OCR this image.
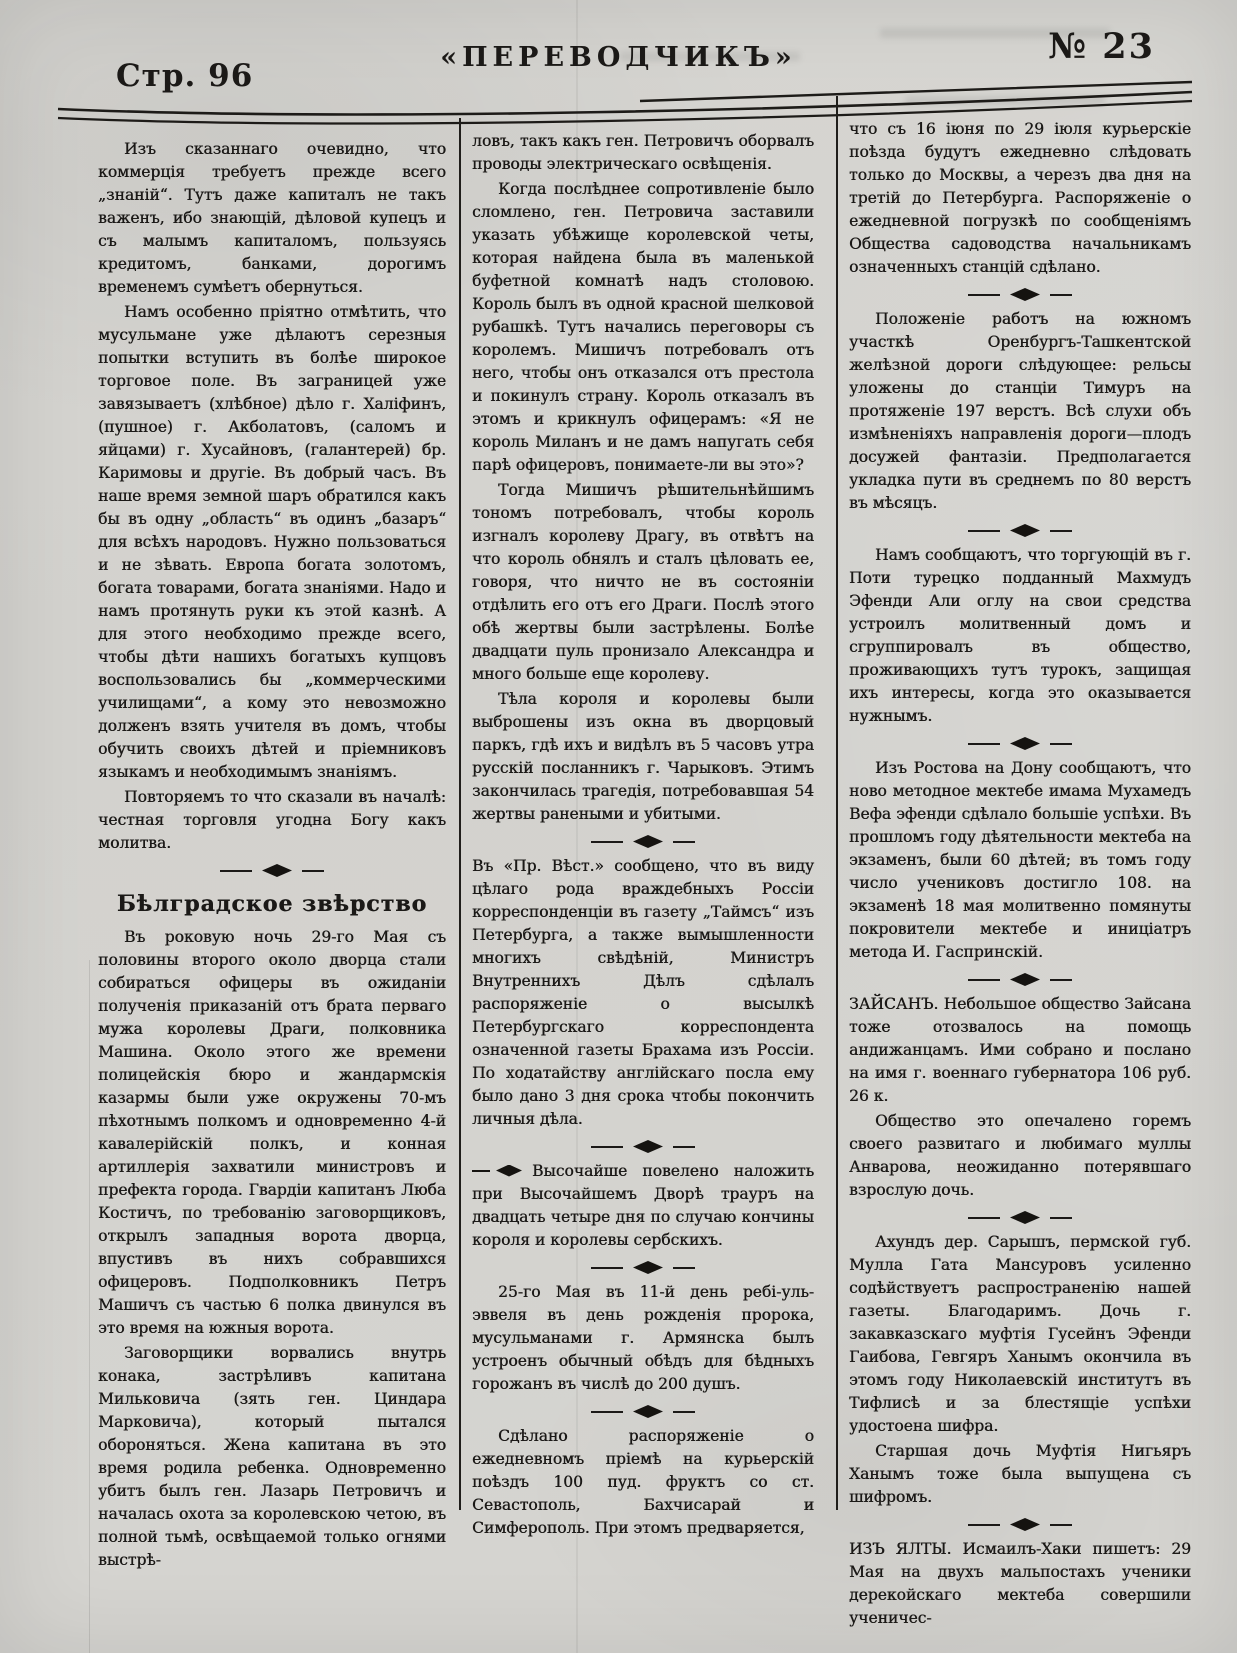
Стр. 96
«ПЕРЕВОДЧИКЪ»	№ 23

Изъ сказаннаго очевидно, что коммерція требуетъ прежде всего „знаній“. Тутъ даже капиталъ не такъ важенъ, ибо знающій, дѣловой купецъ и съ малымъ капиталомъ, пользуясь кредитомъ, банками, дорогимъ временемъ сумѣетъ обернуться.

Намъ особенно пріятно отмѣтить, что мусульмане уже дѣлаютъ серезныя попытки вступить въ болѣе широкое торговое поле. Въ заграницей уже завязываетъ (хлѣбное) дѣло г. Халіфинъ, (пушное) г. Акболатовъ, (саломъ и яйцами) г. Хусайновъ, (галантерей) бр. Каримовы и другіе. Въ добрый часъ. Въ наше время земной шаръ обратился какъ бы въ одну „область“ въ одинъ „базаръ“ для всѣхъ народовъ. Нужно пользоваться и не зѣвать. Европа богата золотомъ, богата товарами, богата знаніями. Надо и намъ протянуть руки къ этой казнѣ. А для этого необходимо прежде всего, чтобы дѣти нашихъ богатыхъ купцовъ воспользовались бы „коммерческими училищами“, а кому это невозможно долженъ взять учителя въ домъ, чтобы обучить своихъ дѣтей и пріемниковъ языкамъ и необходимымъ знаніямъ.

Повторяемъ то что сказали въ началѣ: честная торговля угодна Богу какъ молитва.

Бѣлградское звѣрство

Въ роковую ночь 29-го Мая съ половины второго около дворца стали собираться офицеры въ ожиданіи полученія приказаній отъ брата перваго мужа королевы Драги, полковника Машина. Около этого же времени полицейскія бюро и жандармскія казармы были уже окружены 70-мъ пѣхотнымъ полкомъ и одновременно 4-й кавалерійскій полкъ, и конная артиллерія захватили министровъ и префекта города. Гвардіи капитанъ Люба Костичъ, по требованію заговорщиковъ, открылъ западныя ворота дворца, впустивъ въ нихъ собравшихся офицеровъ. Подполковникъ Петръ Машичъ съ частью 6 полка двинулся въ это время на южныя ворота.

Заговорщики ворвались внутрь конака, застрѣливъ капитана Мильковича (зять ген. Циндара Марковича), который пытался обороняться. Жена капитана въ это время родила ребенка. Одновременно убитъ былъ ген. Лазарь Петровичъ и началась охота за королевскою четою, въ полной тьмѣ, освѣщаемой только огнями выстрѣ-

ловъ, такъ какъ ген. Петровичъ оборвалъ проводы электрическаго освѣщенія.

Когда послѣднее сопротивленіе было сломлено, ген. Петровича заставили указать убѣжище королевской четы, которая найдена была въ маленькой буфетной комнатѣ надъ столовою. Король былъ въ одной красной шелковой рубашкѣ. Тутъ начались переговоры съ королемъ. Мишичъ потребовалъ отъ него, чтобы онъ отказался отъ престола и покинулъ страну. Король отказалъ въ этомъ и крикнулъ офицерамъ: «Я не король Миланъ и не дамъ напугать себя парѣ офицеровъ, понимаете-ли вы это»?

Тогда Мишичъ рѣшительнѣйшимъ тономъ потребовалъ, чтобы король изгналъ королеву Драгу, въ отвѣтъ на что король обнялъ и сталъ цѣловать ее, говоря, что ничто не въ состояніи отдѣлить его отъ его Драги. Послѣ этого обѣ жертвы были застрѣлены. Болѣе двадцати пуль пронизало Александра и много больше еще королеву.

Тѣла короля и королевы были выброшены изъ окна въ дворцовый паркъ, гдѣ ихъ и видѣлъ въ 5 часовъ утра русскій посланникъ г. Чарыковъ. Этимъ закончилась трагедія, потребовавшая 54 жертвы ранеными и убитыми.

Въ «Пр. Вѣст.» сообщено, что въ виду цѣлаго рода враждебныхъ Россіи корреспонденціи въ газету „Таймсъ“ изъ Петербурга, а также вымышленности многихъ свѣдѣній, Министръ Внутреннихъ Дѣлъ сдѣлалъ распоряженіе о высылкѣ Петербургскаго корреспондента означенной газеты Брахама изъ Россіи. По ходатайству англійскаго посла ему было дано 3 дня срока чтобы покончить личныя дѣла.

Высочайше повелено наложить при Высочайшемъ Дворѣ трауръ на двадцать четыре дня по случаю кончины короля и королевы сербскихъ.

25-го Мая въ 11-й день ребі-уль-эввеля въ день рожденія пророка, мусульманами г. Армянска былъ устроенъ обычный обѣдъ для бѣдныхъ горожанъ въ числѣ до 200 душъ.

Сдѣлано распоряженіе о ежедневномъ пріемѣ на курьерскій поѣздъ 100 пуд. фруктъ со ст. Севастополь, Бахчисарай и Симферополь. При этомъ предваряется,

что съ 16 іюня по 29 іюля курьерскіе поѣзда будутъ ежедневно слѣдовать только до Москвы, а черезъ два дня на третій до Петербурга. Распоряженіе о ежедневной погрузкѣ по сообщеніямъ Общества садоводства начальникамъ означенныхъ станцій сдѣлано.

Положеніе работъ на южномъ участкѣ Оренбургъ-Ташкентской желѣзной дороги слѣдующее: рельсы уложены до станціи Тимуръ на протяженіе 197 верстъ. Всѣ слухи объ измѣненіяхъ направленія дороги—плодъ досужей фантазіи. Предполагается укладка пути въ среднемъ по 80 верстъ въ мѣсяцъ.

Намъ сообщаютъ, что торгующій въ г. Поти турецко подданный Махмудъ Эфенди Али оглу на свои средства устроилъ молитвенный домъ и сгруппировалъ въ общество, проживающихъ тутъ турокъ, защищая ихъ интересы, когда это оказывается нужнымъ.

Изъ Ростова на Дону сообщаютъ, что ново методное мектебе имама Мухамедъ Вефа эфенди сдѣлало большіе успѣхи. Въ прошломъ году дѣятельности мектеба на экзаменъ, были 60 дѣтей; въ томъ году число учениковъ достигло 108. на экзаменѣ 18 мая молитвенно помянуты покровители мектебе и иниціатръ метода И. Гаспринскій.

ЗАЙСАНЪ. Небольшое общество Зайсана тоже отозвалось на помощь андижанцамъ. Ими собрано и послано на имя г. военнаго губернатора 106 руб. 26 к.

Общество это опечалено горемъ своего развитаго и любимаго муллы Анварова, неожиданно потерявшаго взрослую дочь.

Ахундъ дер. Сарышъ, пермской губ. Мулла Гата Мансуровъ усиленно содѣйствуетъ распространенію нашей газеты. Благодаримъ. Дочь г. закавказскаго муфтія Гусейнъ Эфенди Гаибова, Гевгяръ Ханымъ окончила въ этомъ году Николаевскій институтъ въ Тифлисѣ и за блестящіе успѣхи удостоена шифра.

Старшая дочь Муфтія Нигьяръ Ханымъ тоже была выпущена съ шифромъ.

ИЗЪ ЯЛТЫ. Исмаилъ-Хаки пишетъ: 29 Мая на двухъ мальпостахъ ученики дерекойскаго мектеба совершили ученичес-
